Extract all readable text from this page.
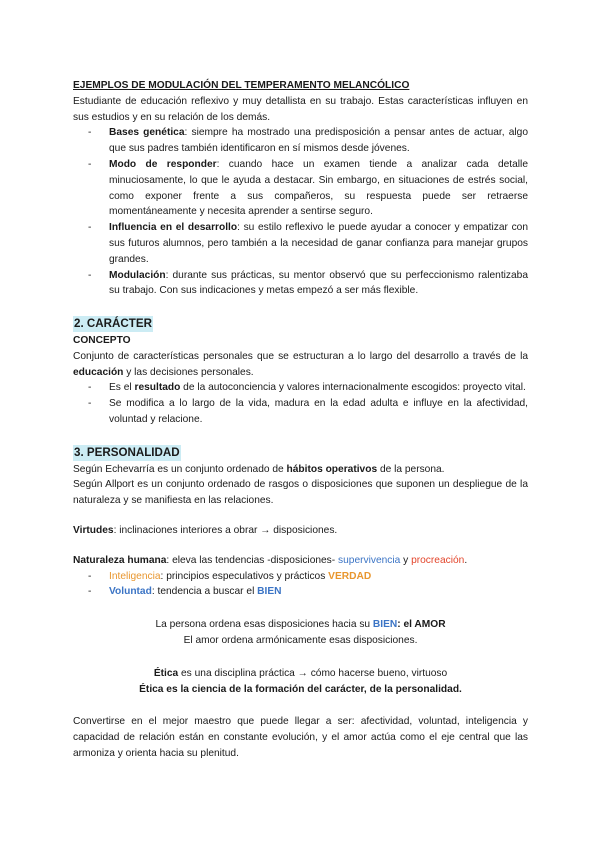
EJEMPLOS DE MODULACIÓN DEL TEMPERAMENTO MELANCÓLICO

Estudiante de educación reflexivo y muy detallista en su trabajo. Estas características influyen en sus estudios y en su relación de los demás.

- Bases genética: siempre ha mostrado una predisposición a pensar antes de actuar, algo que sus padres también identificaron en sí mismos desde jóvenes.
- Modo de responder: cuando hace un examen tiende a analizar cada detalle minuciosamente, lo que le ayuda a destacar. Sin embargo, en situaciones de estrés social, como exponer frente a sus compañeros, su respuesta puede ser retraerse momentáneamente y necesita aprender a sentirse seguro.
- Influencia en el desarrollo: su estilo reflexivo le puede ayudar a conocer y empatizar con sus futuros alumnos, pero también a la necesidad de ganar confianza para manejar grupos grandes.
- Modulación: durante sus prácticas, su mentor observó que su perfeccionismo ralentizaba su trabajo. Con sus indicaciones y metas empezó a ser más flexible.
2. CARÁCTER
CONCEPTO

Conjunto de características personales que se estructuran a lo largo del desarrollo a través de la educación y las decisiones personales.

- Es el resultado de la autoconciencia y valores internacionalmente escogidos: proyecto vital.
- Se modifica a lo largo de la vida, madura en la edad adulta e influye en la afectividad, voluntad y relacione.
3. PERSONALIDAD

Según Echevarría es un conjunto ordenado de hábitos operativos de la persona.

Según Allport es un conjunto ordenado de rasgos o disposiciones que suponen un despliegue de la naturaleza y se manifiesta en las relaciones.

Virtudes: inclinaciones interiores a obrar → disposiciones.

Naturaleza humana: eleva las tendencias -disposiciones- supervivencia y procreación.

- Inteligencia: principios especulativos y prácticos VERDAD
- Voluntad: tendencia a buscar el BIEN
La persona ordena esas disposiciones hacia su BIEN: el AMOR
El amor ordena armónicamente esas disposiciones.
Ética es una disciplina práctica → cómo hacerse bueno, virtuoso
Ética es la ciencia de la formación del carácter, de la personalidad.

Convertirse en el mejor maestro que puede llegar a ser: afectividad, voluntad, inteligencia y capacidad de relación están en constante evolución, y el amor actúa como el eje central que las armoniza y orienta hacia su plenitud.
